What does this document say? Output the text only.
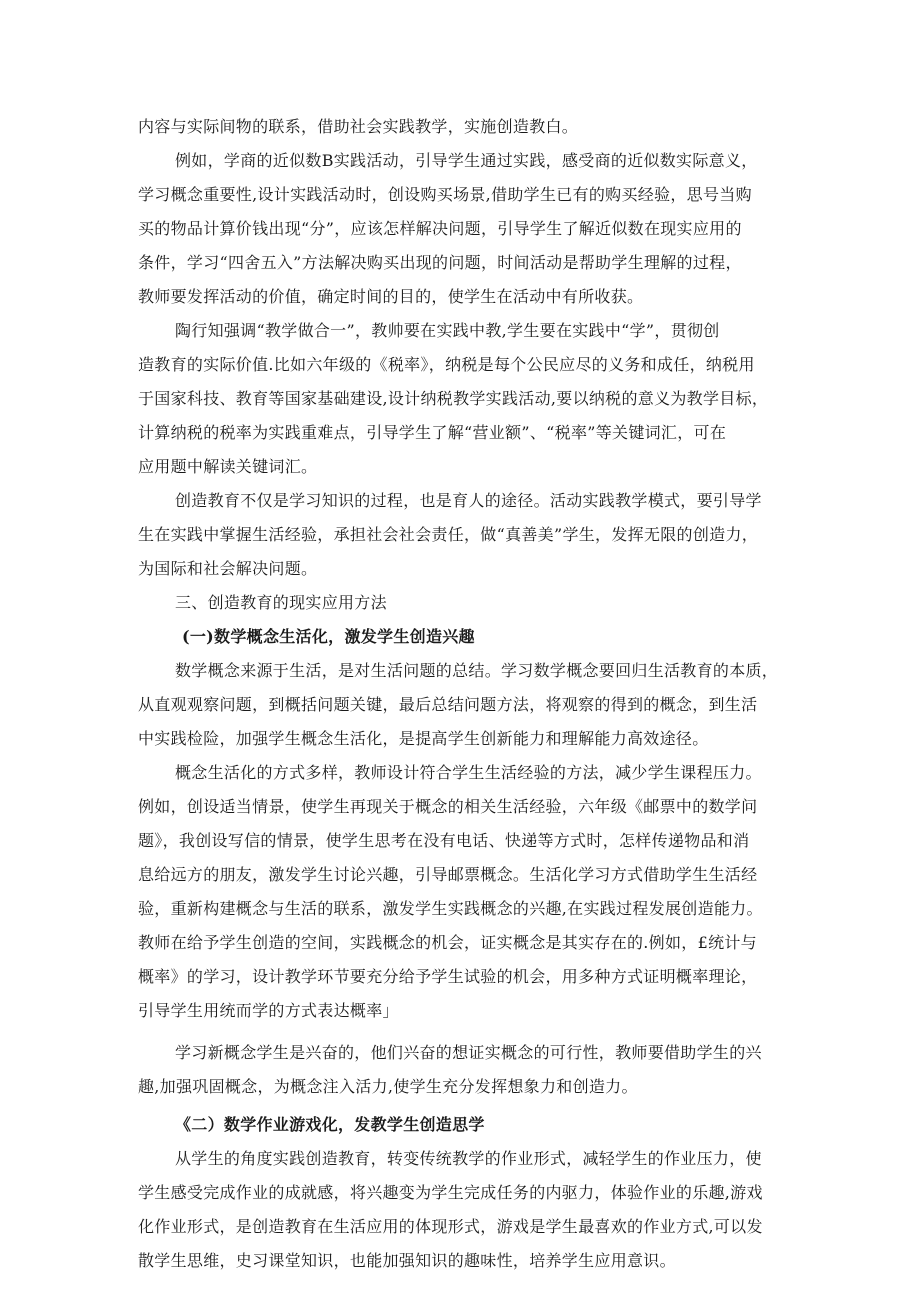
内容与实际间物的联系，借助社会实践教学，实施创造教白。
例如，学商的近似数B实践活动，引导学生通过实践，感受商的近似数实际意义，
学习概念重要性,设计实践活动时，创设购买场景,借助学生已有的购买经验，思号当购
买的物品计算价钱出现“分”，应该怎样解决问题，引导学生了解近似数在现实应用的
条件，学习“四舍五入”方法解决购买出现的问题，时间活动是帮助学生理解的过程，
教师要发挥活动的价值，确定时间的目的，使学生在活动中有所收获。
陶行知强调“教学做合一”，教帅要在实践中教,学生要在实践中“学”，贯彻创
造教育的实际价值.比如六年级的《税率》，纳税是每个公民应尽的义务和成任，纳税用
于国家科技、教育等国家基础建设,设计纳税教学实践活动,要以纳税的意义为教学目标，
计算纳税的税率为实践重难点，引导学生了解“营业额”、“税率”等关键词汇，可在
应用题中解读关键词汇。
创造教育不仅是学习知识的过程，也是育人的途径。活动实践教学模式，要引导学
生在实践中掌握生活经验，承担社会社会责任，做“真善美”学生，发挥无限的创造力，
为国际和社会解决问题。
三、创造教育的现实应用方法
(一)数学概念生活化，激发学生创造兴趣
数学概念来源于生活，是对生活问题的总结。学习数学概念要回归生活教育的本质，
从直观观察问题，到概括问题关键，最后总结问题方法，将观察的得到的概念，到生活
中实践检险，加强学生概念生活化，是提高学生创新能力和理解能力高效途径。
概念生活化的方式多样，教师设计符合学生生活经验的方法，减少学生课程压力。
例如，创设适当情景，使学生再现关于概念的相关生活经验，六年级《邮票中的数学问
题》，我创设写信的情景，使学生思考在没有电话、快递等方式时，怎样传递物品和消
息给远方的朋友，激发学生讨论兴趣，引导邮票概念。生活化学习方式借助学生生活经
验，重新构建概念与生活的联系，激发学生实践概念的兴趣,在实践过程发展创造能力。
教师在给予学生创造的空间，实践概念的机会，证实概念是其实存在的.例如，£统计与
概率》的学习，设计教学环节要充分给予学生试验的机会，用多种方式证明概率理论，
引导学生用统而学的方式表达概率」
学习新概念学生是兴奋的，他们兴奋的想证实概念的可行性，教师要借助学生的兴
趣,加强巩固概念，为概念注入活力,使学生充分发挥想象力和创造力。
《二）数学作业游戏化，发教学生创造思学
从学生的角度实践创造教育，转变传统教学的作业形式，减轻学生的作业压力，使
学生感受完成作业的成就感，将兴趣变为学生完成任务的内驱力，体验作业的乐趣,游戏
化作业形式，是创造教育在生活应用的体现形式，游戏是学生最喜欢的作业方式,可以发
散学生思维，史习课堂知识，也能加强知识的趣味性，培养学生应用意识。
